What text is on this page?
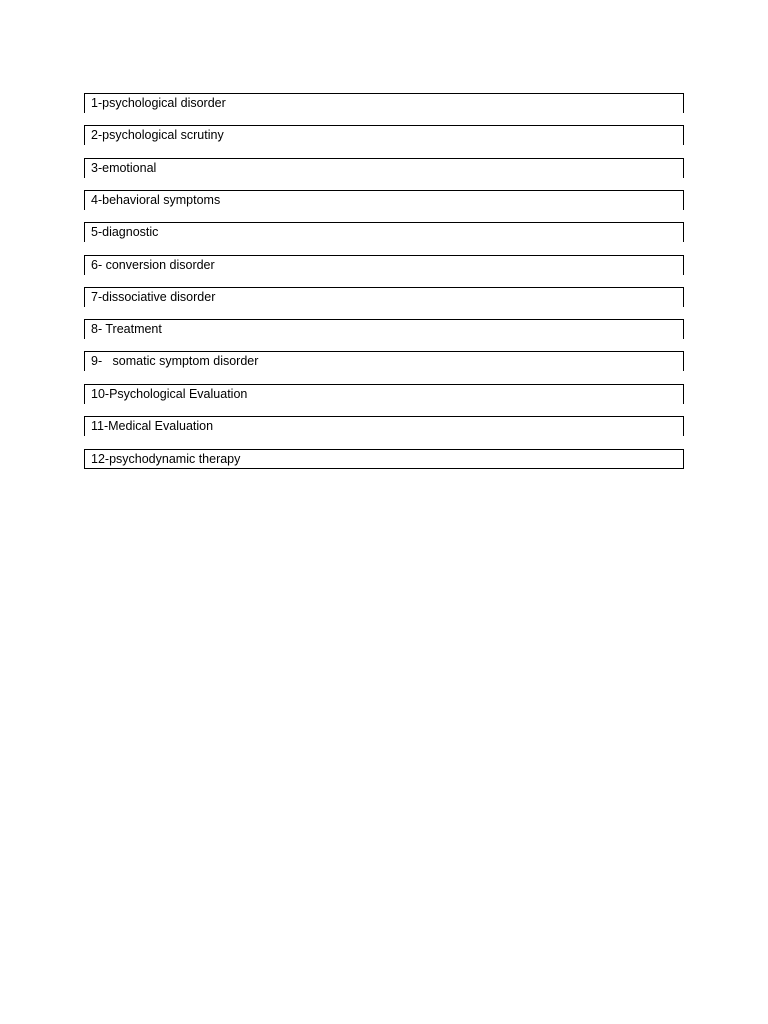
1-psychological disorder
2-psychological scrutiny
3-emotional
4-behavioral symptoms
5-diagnostic
6- conversion disorder
7-dissociative disorder
8- Treatment
9-   somatic symptom disorder
10-Psychological Evaluation
11-Medical Evaluation
12-psychodynamic therapy
